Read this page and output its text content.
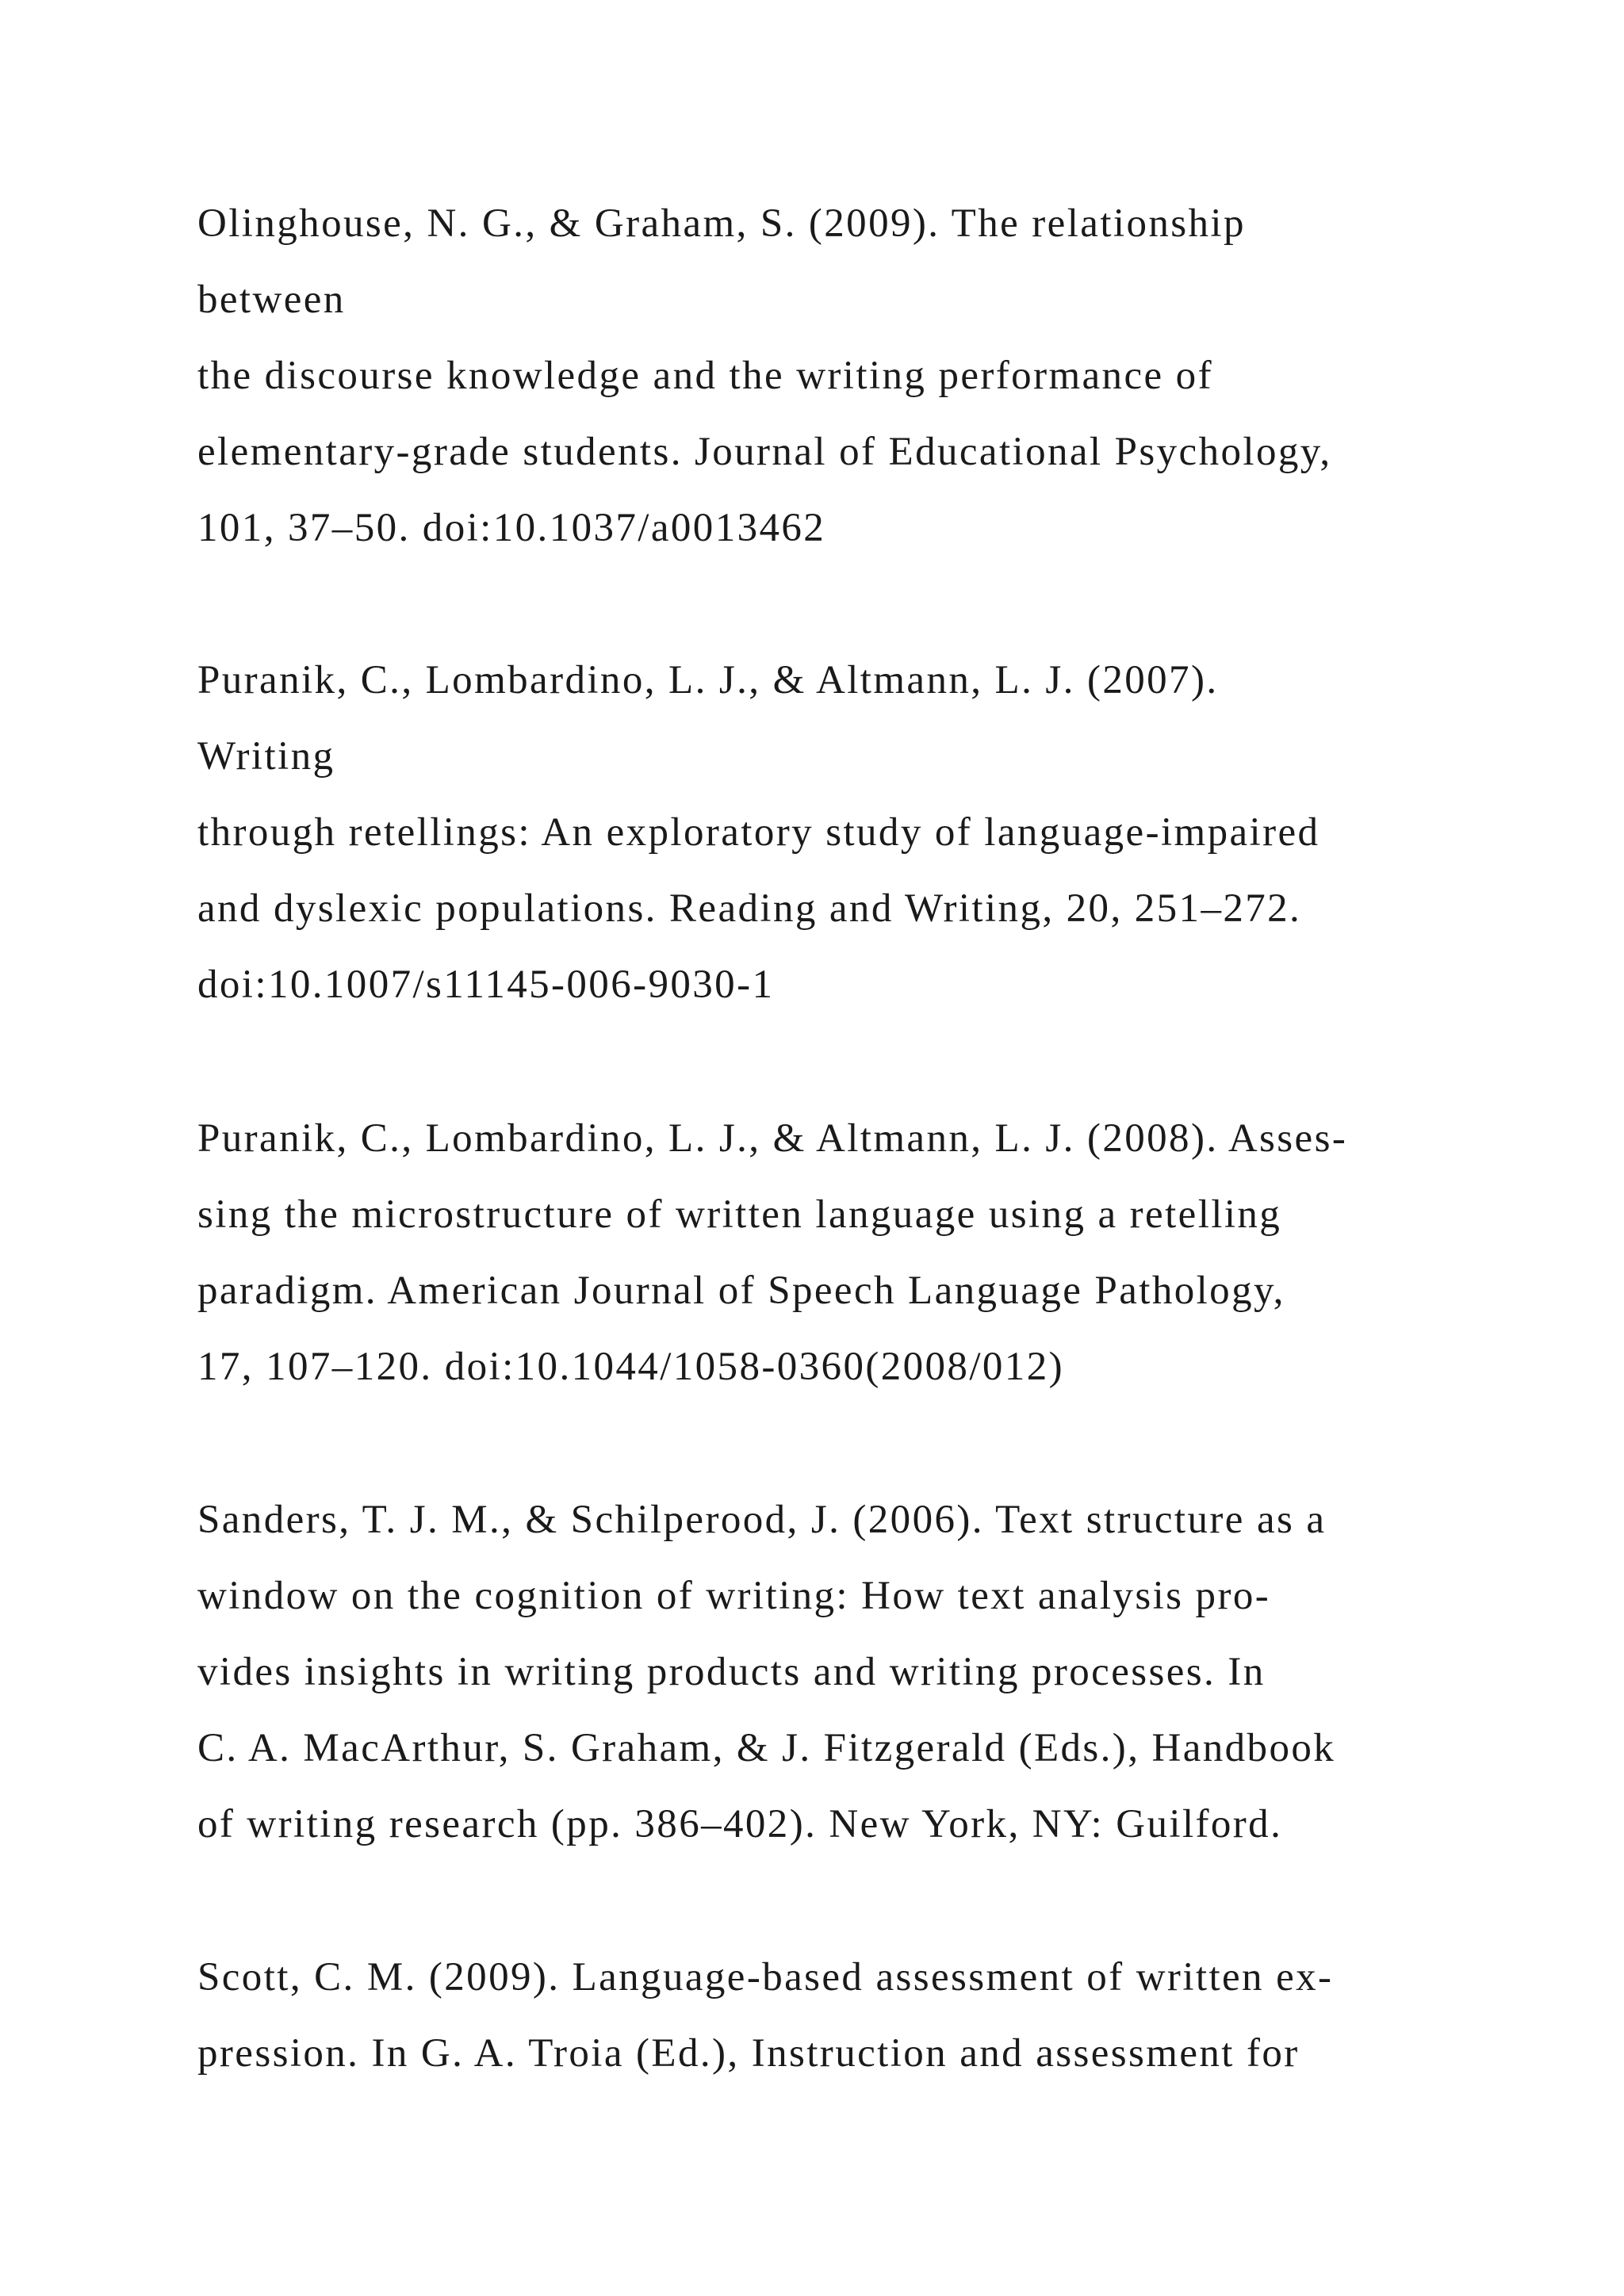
Olinghouse, N. G., & Graham, S. (2009). The relationship
between
the discourse knowledge and the writing performance of
elementary-grade students. Journal of Educational Psychology,
101, 37–50. doi:10.1037/a0013462
Puranik, C., Lombardino, L. J., & Altmann, L. J. (2007).
Writing
through retellings: An exploratory study of language-impaired
and dyslexic populations. Reading and Writing, 20, 251–272.
doi:10.1007/s11145-006-9030-1
Puranik, C., Lombardino, L. J., & Altmann, L. J. (2008). Asses-
sing the microstructure of written language using a retelling
paradigm. American Journal of Speech Language Pathology,
17, 107–120. doi:10.1044/1058-0360(2008/012)
Sanders, T. J. M., & Schilperood, J. (2006). Text structure as a
window on the cognition of writing: How text analysis pro-
vides insights in writing products and writing processes. In
C. A. MacArthur, S. Graham, & J. Fitzgerald (Eds.), Handbook
of writing research (pp. 386–402). New York, NY: Guilford.
Scott, C. M. (2009). Language-based assessment of written ex-
pression. In G. A. Troia (Ed.), Instruction and assessment for
